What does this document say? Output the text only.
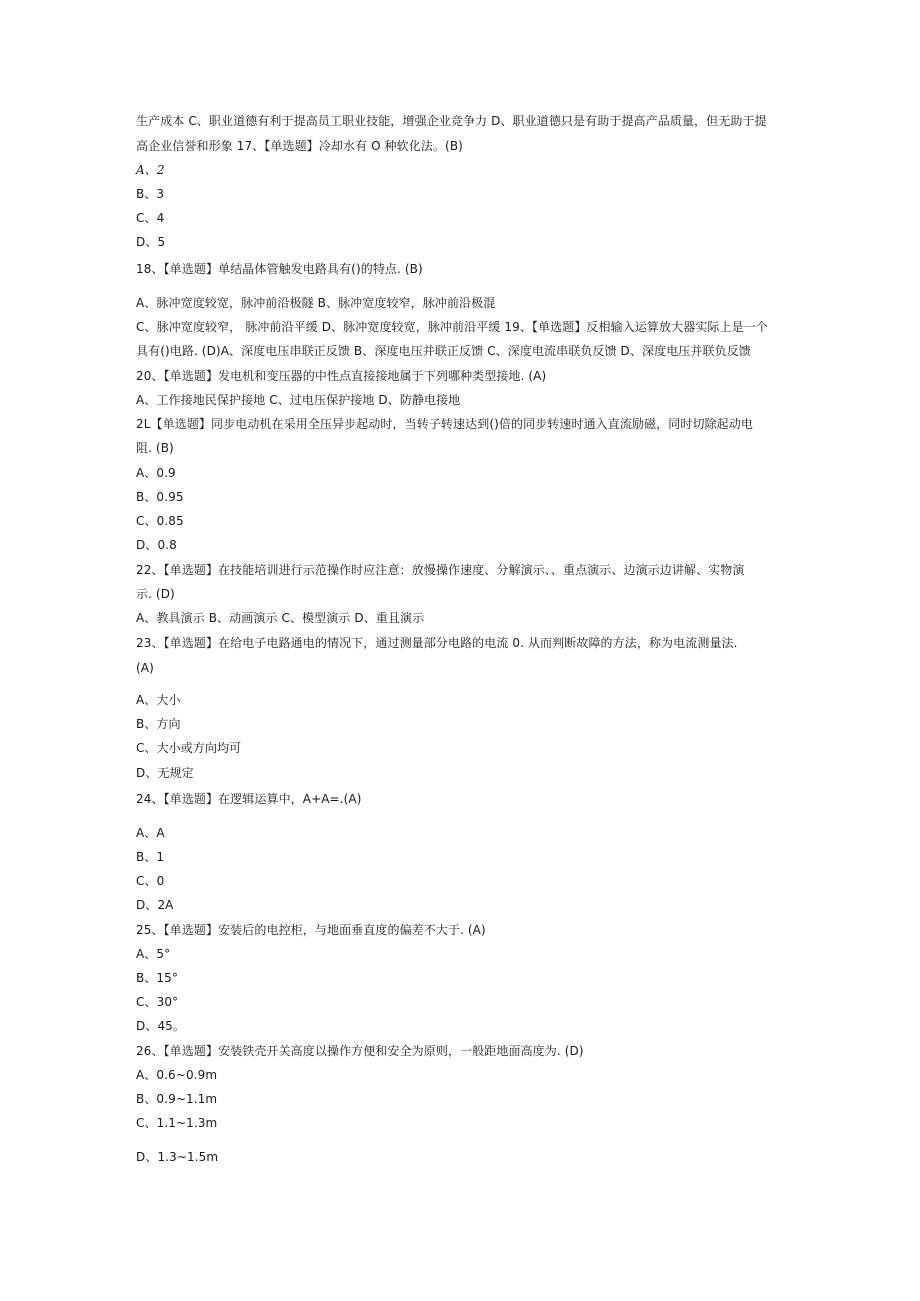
生产成本 C、职业道德有利于提高员工职业技能，增强企业竞争力 D、职业道德只是有助于提高产品质量，但无助于提
高企业信誉和形象 17、【单选题】冷却水有 O 种软化法。(B)
A、2
B、3
C、4
D、5
18、【单选题】单结晶体管触发电路具有()的特点. (B)
A、脉冲宽度较宽，脉冲前沿极隧 B、脉冲宽度较窄，脉冲前沿极混
C、脉冲宽度较窄， 脉冲前沿平缓 D、脉冲宽度较宽，脉冲前沿平缓 19、【单选题】反相输入运算放大器实际上是一个
具有()电路. (D)A、深度电压串联正反馈 B、深度电压并联正反馈 C、深度电流串联负反馈 D、深度电压并联负反馈
20、【单选题】发电机和变压器的中性点直接接地属于下列哪种类型接地. (A)
A、工作接地民保护接地 C、过电压保护接地 D、防静电接地
2L【单选题】同步电动机在采用全压异步起动时，当转子转速达到()倍的同步转速时通入直流励磁，同时切除起动电
阻. (B)
A、0.9
B、0.95
C、0.85
D、0.8
22、【单选题】在技能培训进行示范操作时应注意：放慢操作速度、分解演示、、重点演示、边演示边讲解、实物演
示. (D)
A、教具演示 B、动画演示 C、模型演示 D、重且演示
23、【单选题】在给电子电路通电的情况下，通过测量部分电路的电流 0. 从而判断故障的方法，称为电流测量法.
(A)
A、大小
B、方向
C、大小或方向均可
D、无规定
24、【单选题】在逻辑运算中，A+A=.(A)
A、A
B、1
C、0
D、2A
25、【单选题】安装后的电控柜，与地面垂直度的偏差不大于. (A)
A、5°
B、15°
C、30°
D、45。
26、【单选题】安装铁壳开关高度以操作方便和安全为原则，一般距地面高度为. (D)
A、0.6~0.9m
B、0.9~1.1m
C、1.1~1.3m
D、1.3~1.5m
